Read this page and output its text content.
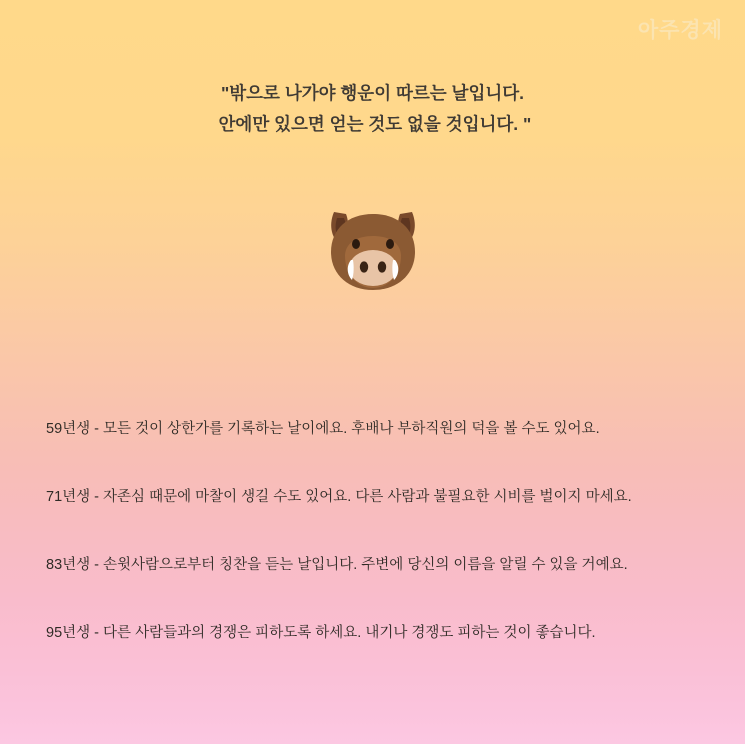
아주경제
"밖으로 나가야 행운이 따르는 날입니다.
안에만 있으면 얻는 것도 없을 것입니다. "
59년생 - 모든 것이 상한가를 기록하는 날이에요. 후배나 부하직원의 덕을 볼 수도 있어요.
71년생 - 자존심 때문에 마찰이 생길 수도 있어요. 다른 사람과 불필요한 시비를 벌이지 마세요.
83년생 - 손윗사람으로부터 칭찬을 듣는 날입니다. 주변에 당신의 이름을 알릴 수 있을 거예요.
95년생 - 다른 사람들과의 경쟁은 피하도록 하세요. 내기나 경쟁도 피하는 것이 좋습니다.
